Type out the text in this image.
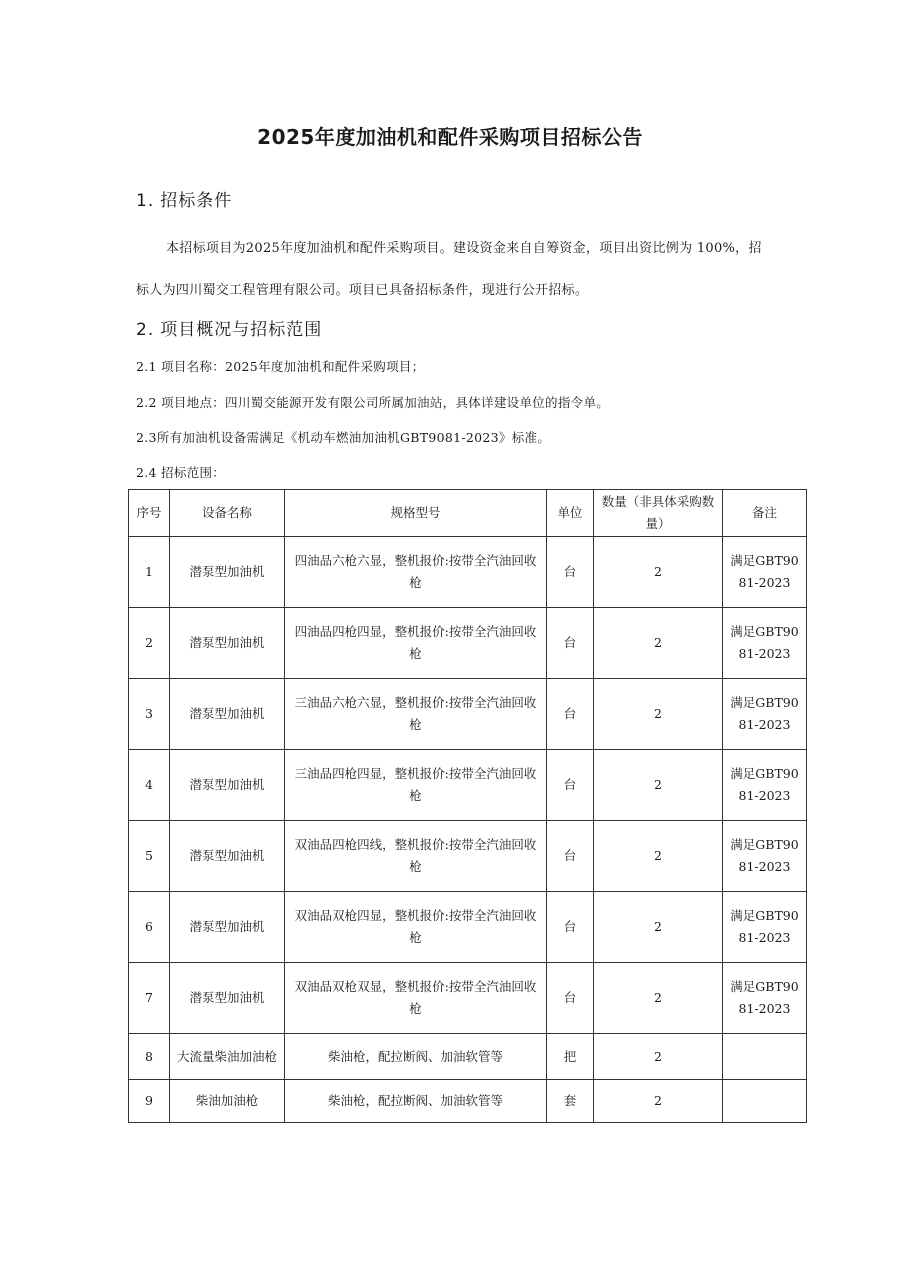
2025年度加油机和配件采购项目招标公告
1. 招标条件
本招标项目为2025年度加油机和配件采购项目。建设资金来自自筹资金，项目出资比例为 100%，招
标人为四川蜀交工程管理有限公司。项目已具备招标条件，现进行公开招标。
2. 项目概况与招标范围
2.1 项目名称：2025年度加油机和配件采购项目；
2.2 项目地点：四川蜀交能源开发有限公司所属加油站，具体详建设单位的指令单。
2.3所有加油机设备需满足《机动车燃油加油机GBT9081-2023》标准。
2.4 招标范围：
序号	设备名称	规格型号	单位	数量（非具体采购数量）	备注
1	潜泵型加油机	四油品六枪六显，整机报价:按带全汽油回收枪	台	2	满足GBT9081-2023
2	潜泵型加油机	四油品四枪四显，整机报价:按带全汽油回收枪	台	2	满足GBT9081-2023
3	潜泵型加油机	三油品六枪六显，整机报价:按带全汽油回收枪	台	2	满足GBT9081-2023
4	潜泵型加油机	三油品四枪四显，整机报价:按带全汽油回收枪	台	2	满足GBT9081-2023
5	潜泵型加油机	双油品四枪四线，整机报价:按带全汽油回收枪	台	2	满足GBT9081-2023
6	潜泵型加油机	双油品双枪四显，整机报价:按带全汽油回收枪	台	2	满足GBT9081-2023
7	潜泵型加油机	双油品双枪双显，整机报价:按带全汽油回收枪	台	2	满足GBT9081-2023
8	大流量柴油加油枪	柴油枪，配拉断阀、加油软管等	把	2	
9	柴油加油枪	柴油枪，配拉断阀、加油软管等	套	2	
